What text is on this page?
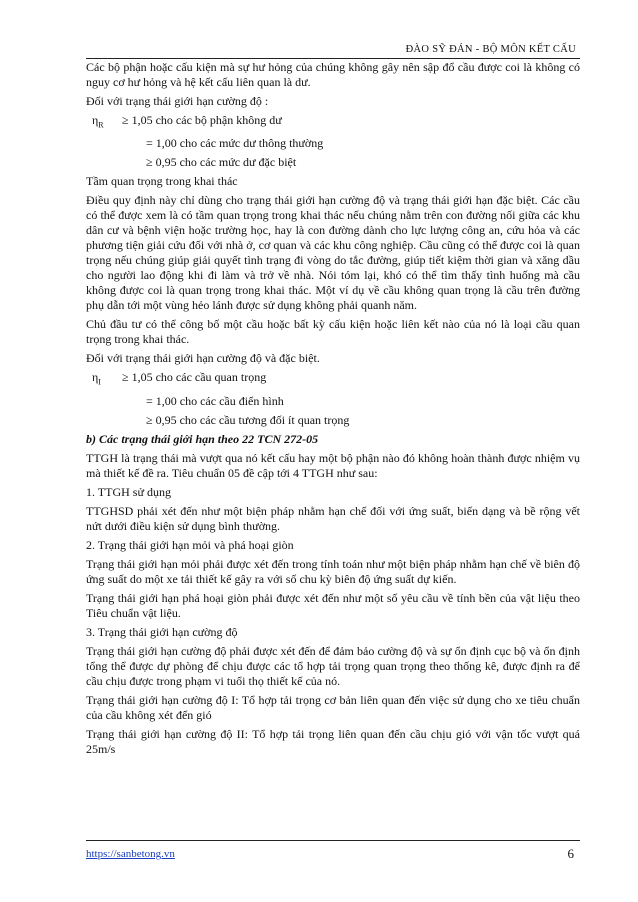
ĐÀO SỸ ĐÁN - BỘ MÔN KẾT CẤU

Các bộ phận hoặc cấu kiện mà sự hư hỏng của chúng không gây nên sập đổ cầu được coi là không có nguy cơ hư hỏng và hệ kết cấu liên quan là dư.

Đối với trạng thái giới hạn cường độ :

$\eta_R$	≥ 1,05 cho các bộ phận không dư
= 1,00 cho các mức dư thông thường
≥ 0,95 cho các mức dư đặc biệt

Tầm quan trọng trong khai thác

Điều quy định này chỉ dùng cho trạng thái giới hạn cường độ và trạng thái giới hạn đặc biệt. Các cầu có thể được xem là có tầm quan trọng trong khai thác nếu chúng nằm trên con đường nối giữa các khu dân cư và bệnh viện hoặc trường học, hay là con đường dành cho lực lượng công an, cứu hỏa và các phương tiện giải cứu đối với nhà ở, cơ quan và các khu công nghiệp. Cầu cũng có thể được coi là quan trọng nếu chúng giúp giải quyết tình trạng đi vòng do tắc đường, giúp tiết kiệm thời gian và xăng dầu cho người lao động khi đi làm và trở về nhà. Nói tóm lại, khó có thể tìm thấy tình huống mà cầu không được coi là quan trọng trong khai thác. Một ví dụ về cầu không quan trọng là cầu trên đường phụ dẫn tới một vùng hẻo lánh được sử dụng không phải quanh năm.

Chủ đầu tư có thể công bố một cầu hoặc bất kỳ cấu kiện hoặc liên kết nào của nó là loại cầu quan trọng trong khai thác.

Đối với trạng thái giới hạn cường độ và đặc biệt.

$\eta_I$	≥ 1,05 cho các cầu quan trọng
= 1,00 cho các cầu điển hình
≥ 0,95 cho các cầu tương đối ít quan trọng

b) Các trạng thái giới hạn theo 22 TCN 272-05

TTGH là trạng thái mà vượt qua nó kết cấu hay một bộ phận nào đó không hoàn thành được nhiệm vụ mà thiết kế đề ra. Tiêu chuẩn 05 đề cập tới 4 TTGH như sau:

1. TTGH sử dụng

TTGHSD phải xét đến như một biện pháp nhằm hạn chế đối với ứng suất, biến dạng và bề rộng vết nứt dưới điều kiện sử dụng bình thường.

2. Trạng thái giới hạn mỏi và phá hoại giòn

Trạng thái giới hạn mỏi phải được xét đến trong tính toán như một biện pháp nhằm hạn chế về biên độ ứng suất do một xe tải thiết kế gây ra với số chu kỳ biên độ ứng suất dự kiến.

Trạng thái giới hạn phá hoại giòn phải được xét đến như một số yêu cầu về tính bền của vật liệu theo Tiêu chuẩn vật liệu.

3. Trạng thái giới hạn cường độ

Trạng thái giới hạn cường độ phải được xét đến để đảm bảo cường độ và sự ổn định cục bộ và ổn định tổng thể được dự phòng để chịu được các tổ hợp tải trọng quan trọng theo thống kê, được định ra để cầu chịu được trong phạm vi tuổi thọ thiết kế của nó.

Trạng thái giới hạn cường độ I: Tổ hợp tải trọng cơ bản liên quan đến việc sử dụng cho xe tiêu chuẩn của cầu không xét đến gió

Trạng thái giới hạn cường độ II: Tổ hợp tải trọng liên quan đến cầu chịu gió với vận tốc vượt quá 25m/s

https://sanbetong.vn	6
